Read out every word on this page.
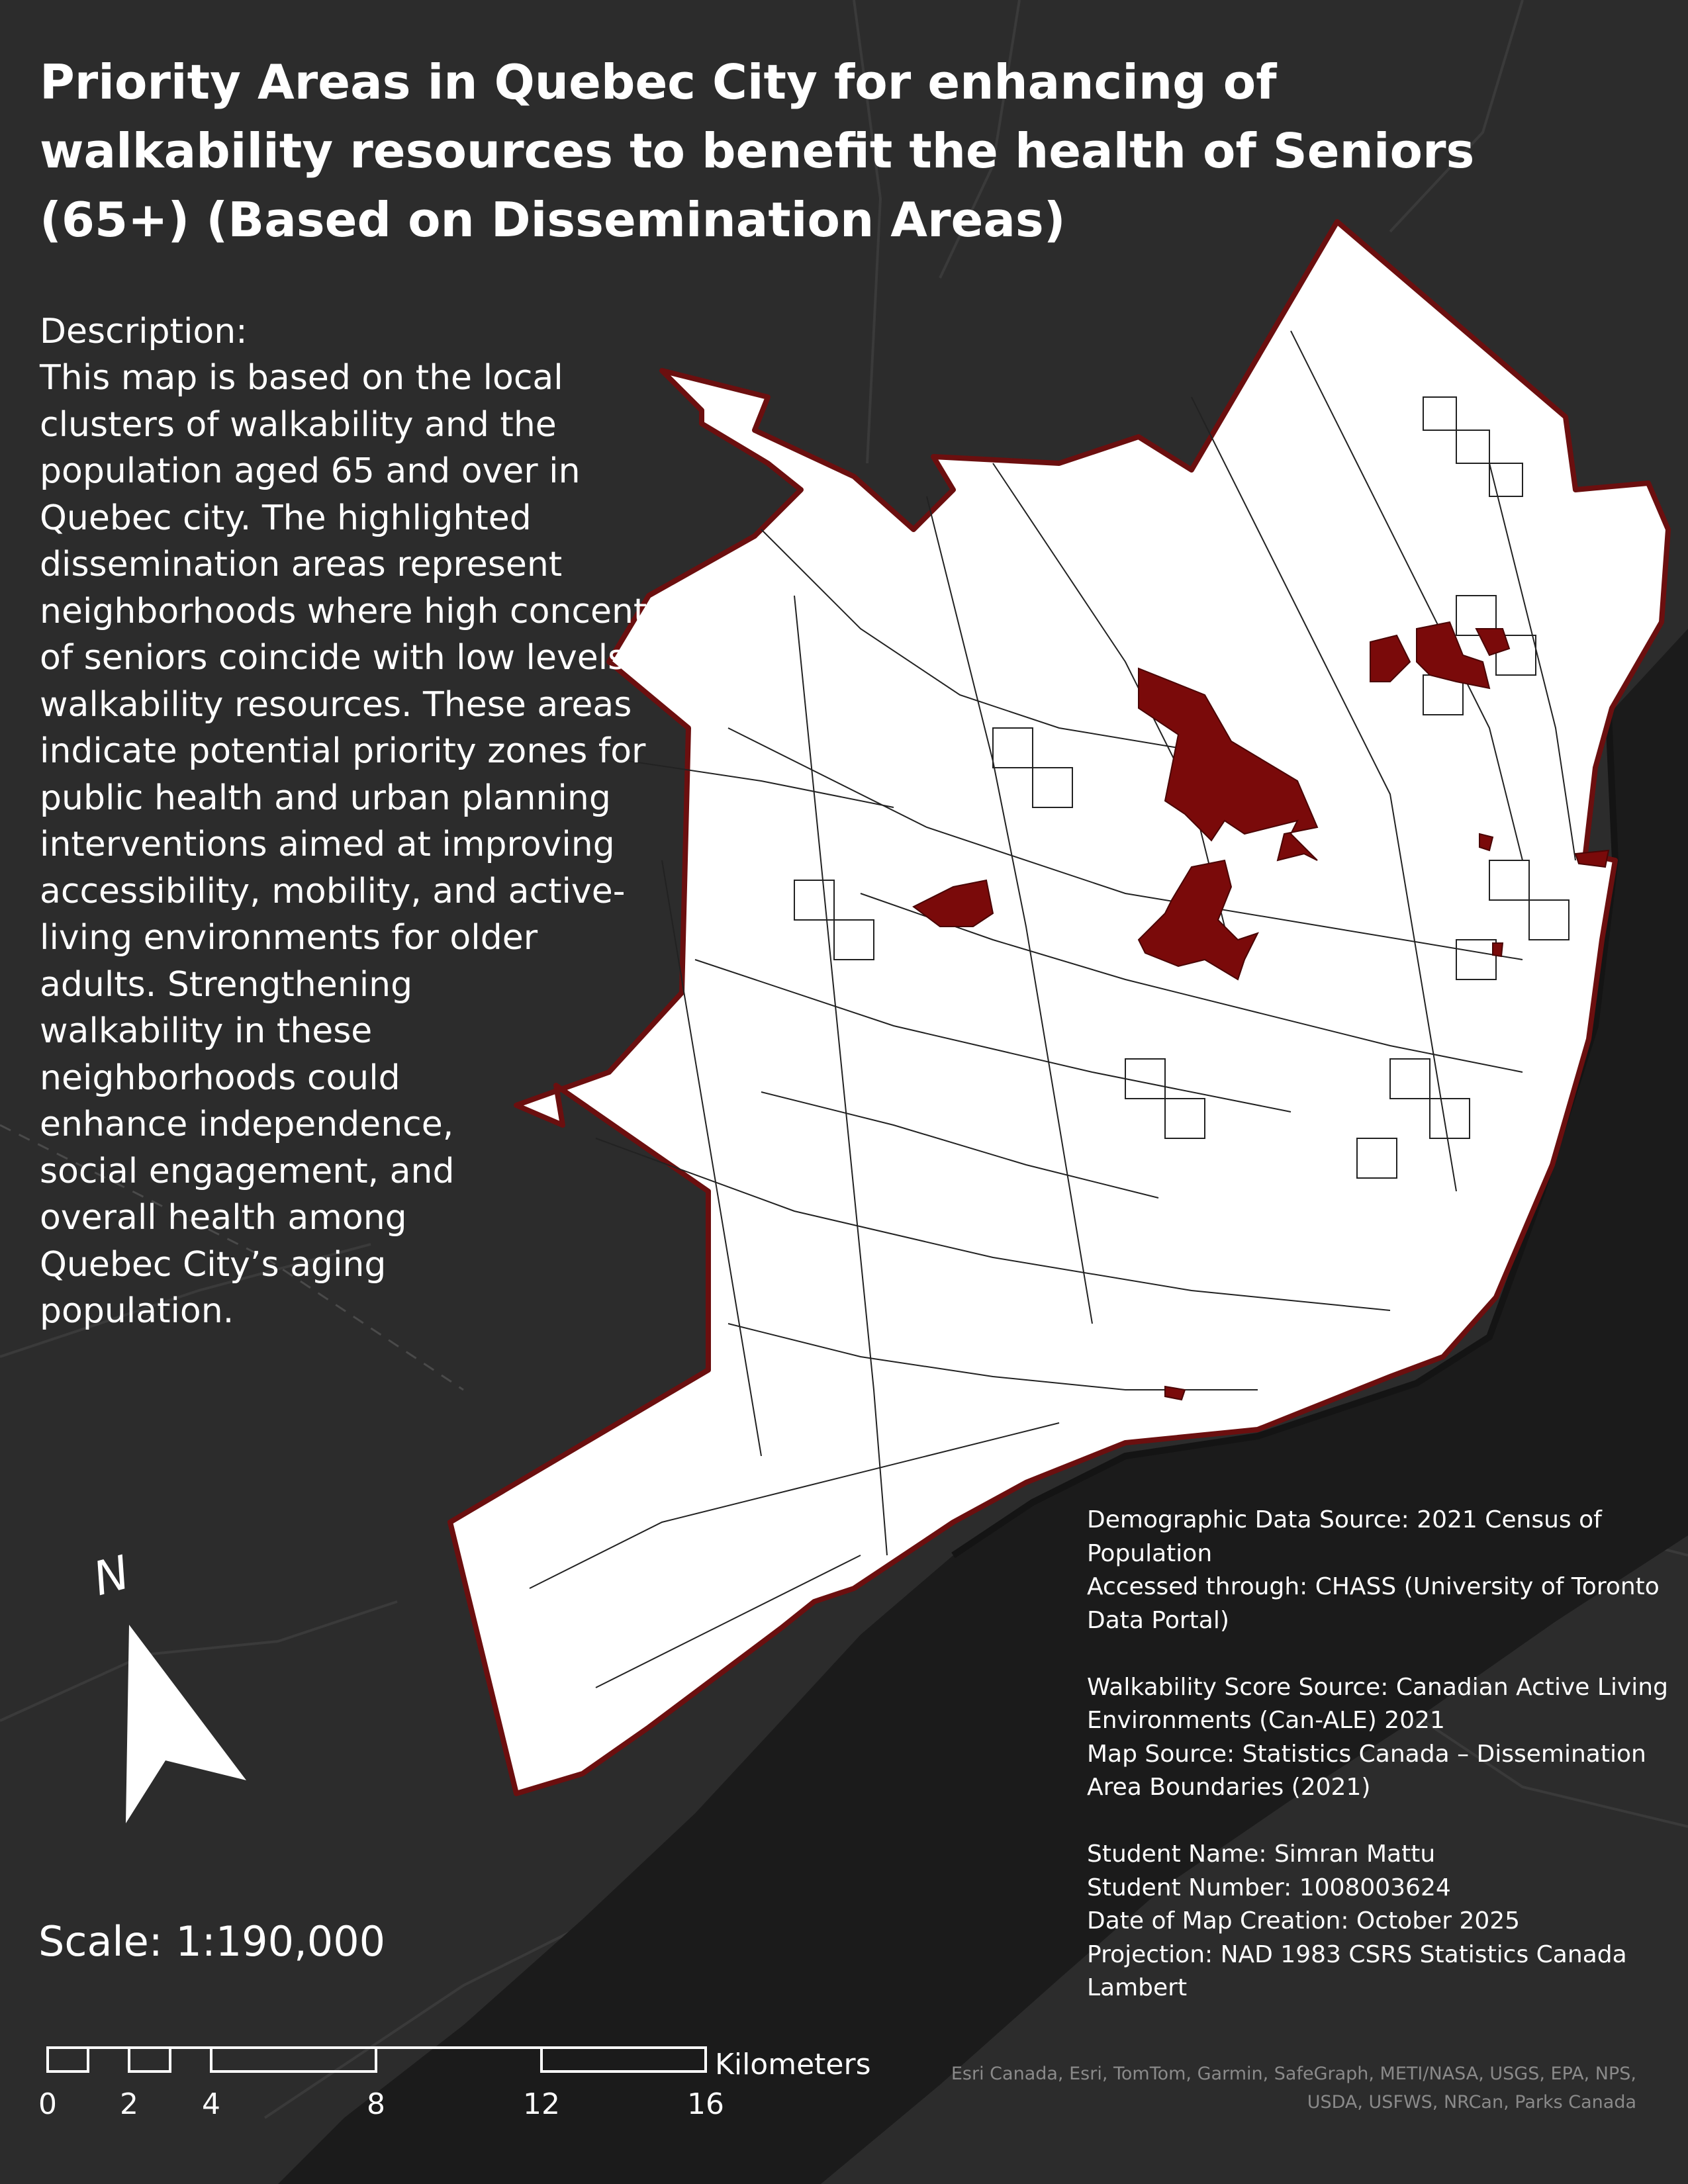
N
0 2 4	8	12	16
Kilometers
Priority Areas in Quebec City for enhancing of
walkability resources to benefit the health of Seniors
(65+) (Based on Dissemination Areas)
Description:
This map is based on the local
clusters of walkability and the
population aged 65 and over in
Quebec city. The highlighted
dissemination areas represent
neighborhoods where high concentrations
of seniors coincide with low levels of
walkability resources. These areas
indicate potential priority zones for
public health and urban planning
interventions aimed at improving
accessibility, mobility, and active-
living environments for older
adults. Strengthening
walkability in these
neighborhoods could
enhance independence,
social engagement, and
overall health among
Quebec City’s aging
population.
Demographic Data Source: 2021 Census of
Population
Accessed through: CHASS (University of Toronto
Data Portal)
Walkability Score Source: Canadian Active Living
Environments (Can-ALE) 2021
Map Source: Statistics Canada – Dissemination
Area Boundaries (2021)
Student Name: Simran Mattu
Student Number: 1008003624
Date of Map Creation: October 2025
Projection: NAD 1983 CSRS Statistics Canada
Lambert
Scale: 1:190,000
Esri Canada, Esri, TomTom, Garmin, SafeGraph, METI/NASA, USGS, EPA, NPS,
USDA, USFWS, NRCan, Parks Canada
